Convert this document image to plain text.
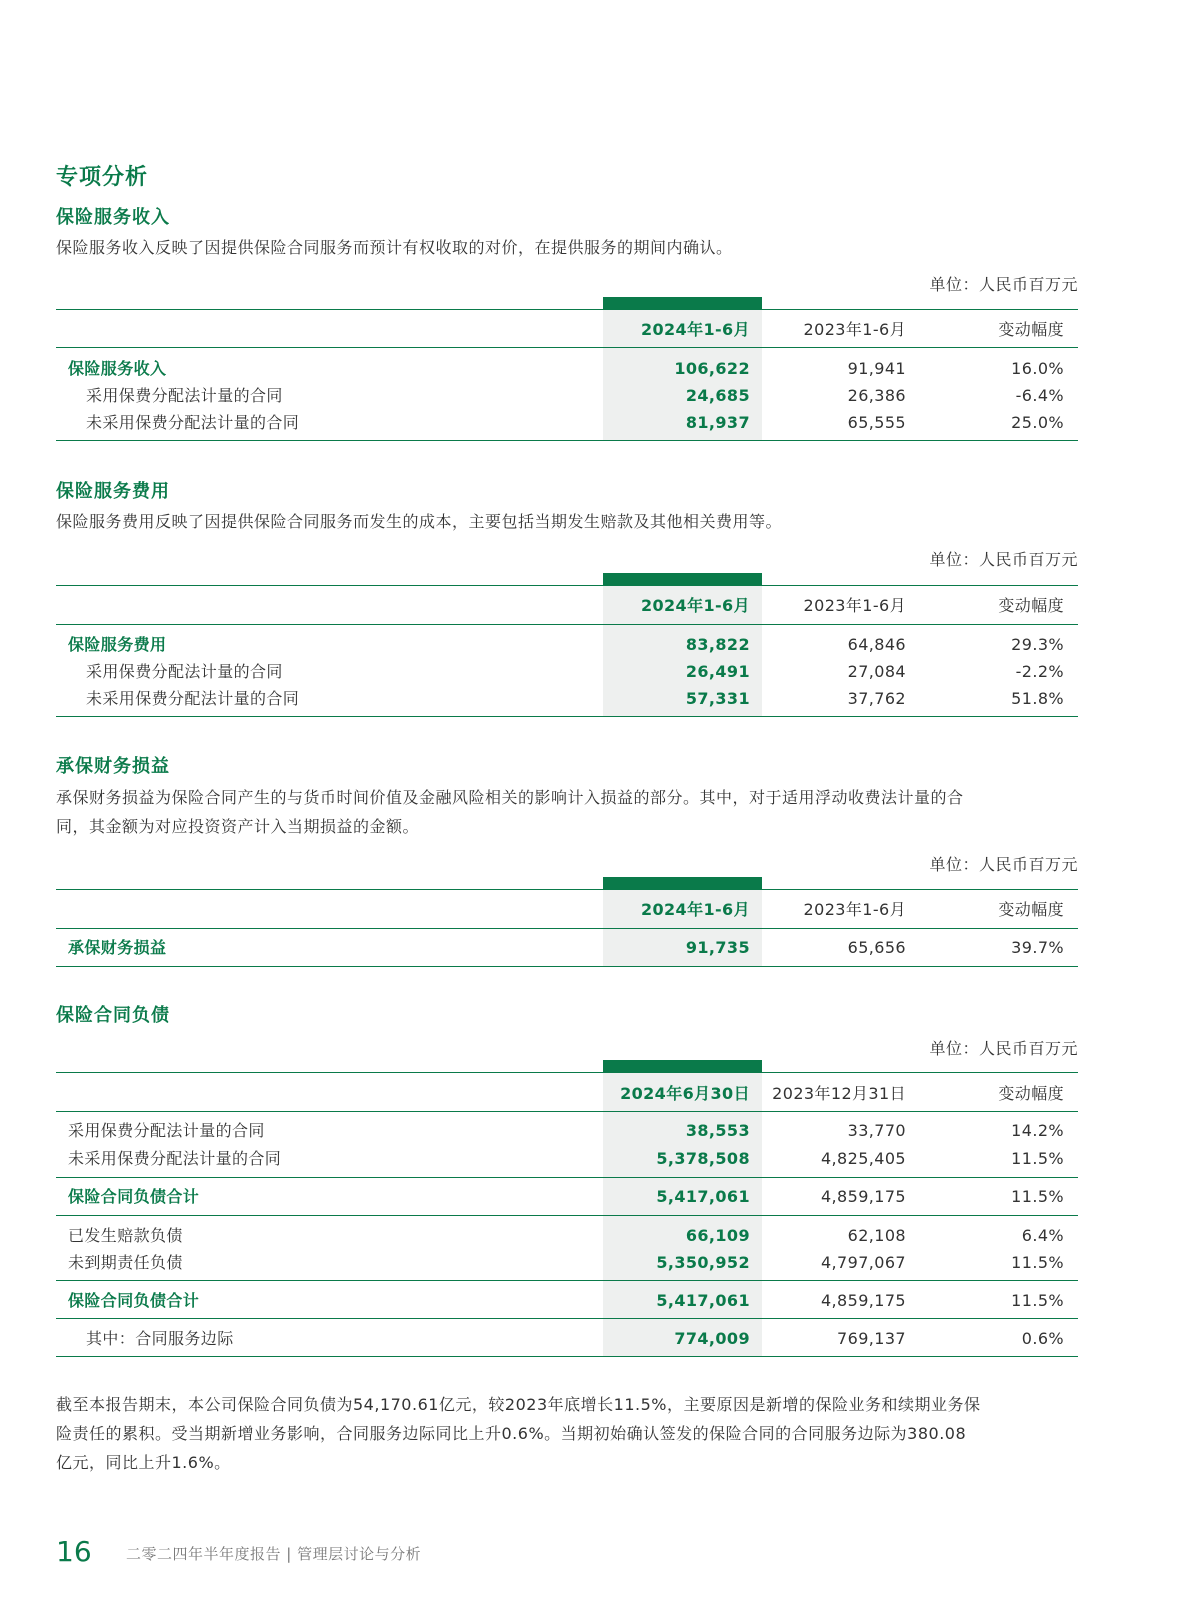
专项分析
保险服务收入
保险服务收入反映了因提供保险合同服务而预计有权收取的对价，在提供服务的期间内确认。
单位：人民币百万元
2024年1-6月	2023年1-6月	变动幅度
保险服务收入	106,622	91,941	16.0%
采用保费分配法计量的合同	24,685	26,386	-6.4%
未采用保费分配法计量的合同	81,937	65,555	25.0%
保险服务费用
保险服务费用反映了因提供保险合同服务而发生的成本，主要包括当期发生赔款及其他相关费用等。
单位：人民币百万元
2024年1-6月	2023年1-6月	变动幅度
保险服务费用	83,822	64,846	29.3%
采用保费分配法计量的合同	26,491	27,084	-2.2%
未采用保费分配法计量的合同	57,331	37,762	51.8%
承保财务损益
承保财务损益为保险合同产生的与货币时间价值及金融风险相关的影响计入损益的部分。其中，对于适用浮动收费法计量的合
同，其金额为对应投资资产计入当期损益的金额。
单位：人民币百万元
2024年1-6月	2023年1-6月	变动幅度
承保财务损益	91,735	65,656	39.7%
保险合同负债
单位：人民币百万元
2024年6月30日 2023年12月31日	变动幅度
采用保费分配法计量的合同	38,553	33,770	14.2%
未采用保费分配法计量的合同	5,378,508	4,825,405	11.5%
保险合同负债合计	5,417,061	4,859,175	11.5%
已发生赔款负债	66,109	62,108	6.4%
未到期责任负债	5,350,952	4,797,067	11.5%
保险合同负债合计	5,417,061	4,859,175	11.5%
其中：合同服务边际	774,009	769,137	0.6%
截至本报告期末，本公司保险合同负债为54,170.61亿元，较2023年底增长11.5%，主要原因是新增的保险业务和续期业务保
险责任的累积。受当期新增业务影响，合同服务边际同比上升0.6%。当期初始确认签发的保险合同的合同服务边际为380.08
亿元，同比上升1.6%。
16 二零二四年半年度报告 | 管理层讨论与分析
